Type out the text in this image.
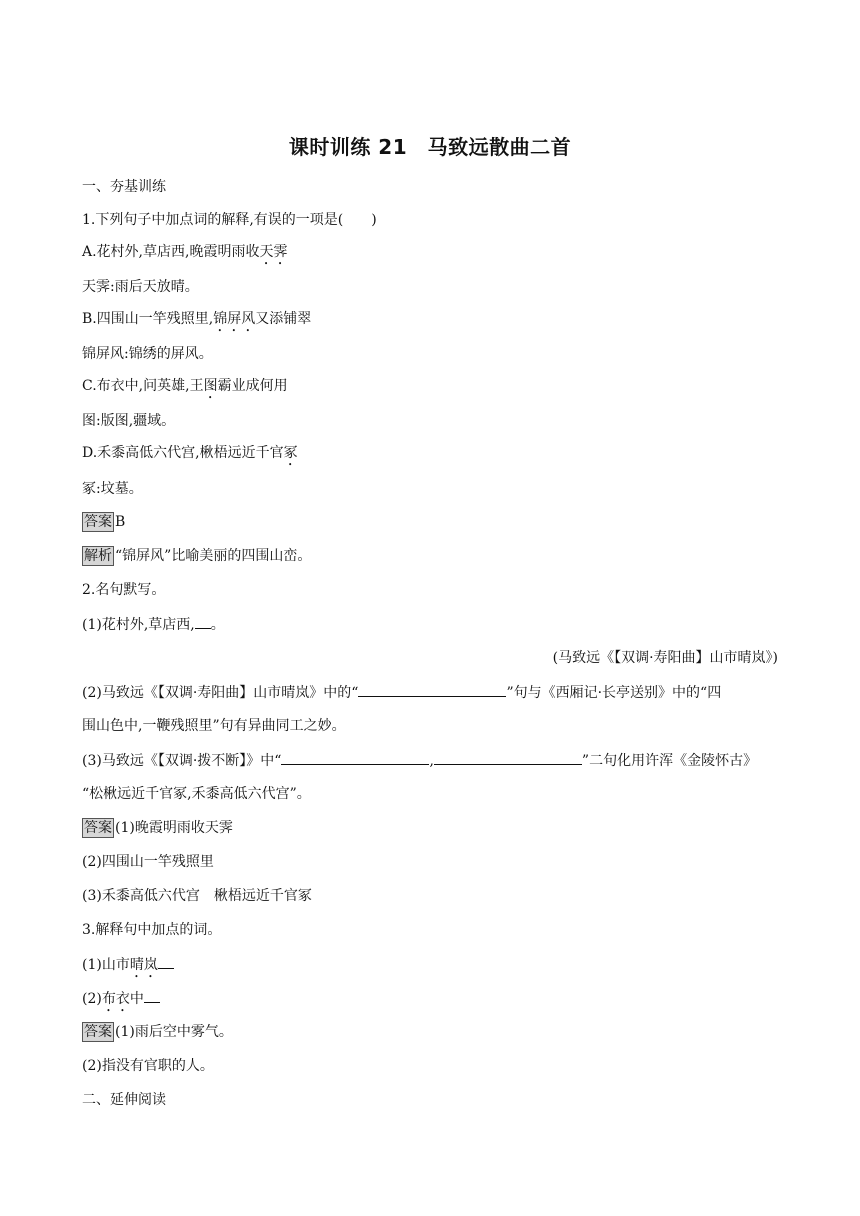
课时训练 21　马致远散曲二首
一、夯基训练
1.下列句子中加点词的解释,有误的一项是(　　)
A.花村外,草店西,晚霞明雨收天霁
天霁:雨后天放晴。
B.四围山一竿残照里,锦屏风又添铺翠
锦屏风:锦绣的屏风。
C.布衣中,问英雄,王图霸业成何用
图:版图,疆域。
D.禾黍高低六代宫,楸梧远近千官冢
冢:坟墓。
答案 B
解析 “锦屏风”比喻美丽的四围山峦。
2.名句默写。
(1)花村外,草店西, 。
(马致远《【双调·寿阳曲】山市晴岚》)
(2)马致远《【双调·寿阳曲】山市晴岚》中的“	”句与《西厢记·长亭送别》中的“四
围山色中,一鞭残照里”句有异曲同工之妙。
(3)马致远《【双调·拨不断】》中“	,	”二句化用许浑《金陵怀古》
“松楸远近千官冢,禾黍高低六代宫”。
答案 (1)晚霞明雨收天霁
(2)四围山一竿残照里
(3)禾黍高低六代宫　楸梧远近千官冢
3.解释句中加点的词。
(1)山市晴岚
(2)布衣中
答案 (1)雨后空中雾气。
(2)指没有官职的人。
二、延伸阅读
